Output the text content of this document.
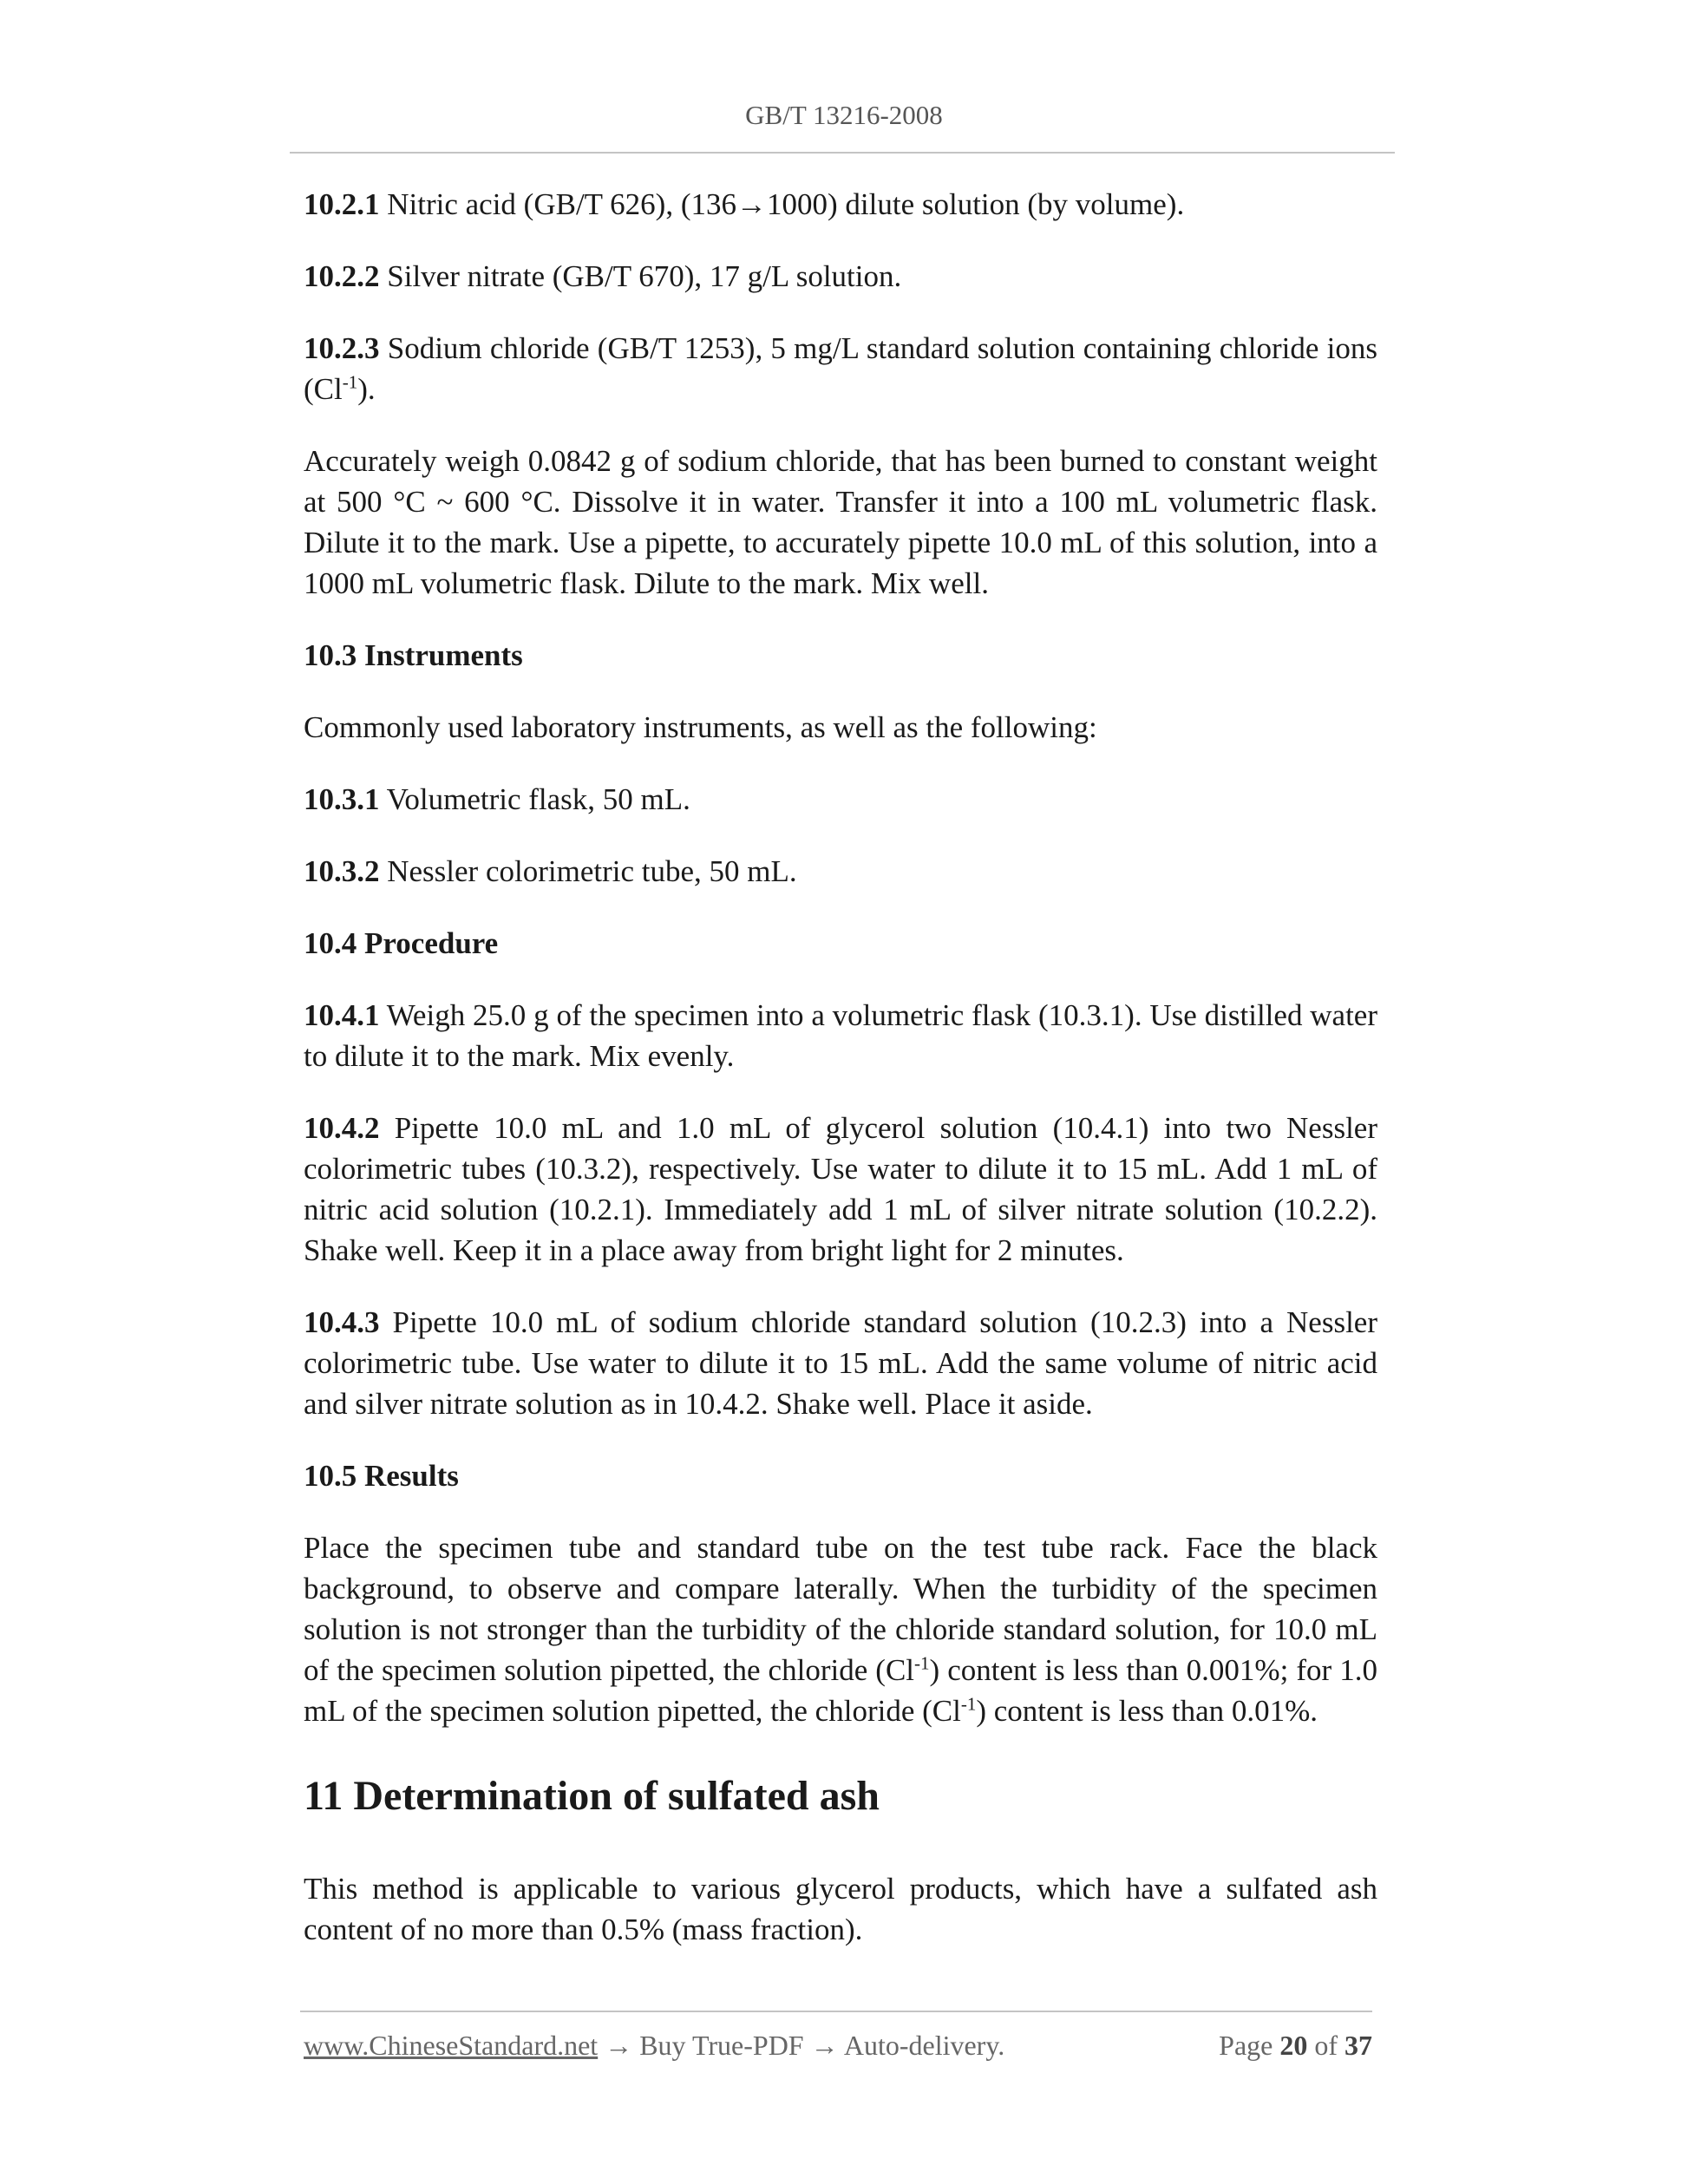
GB/T 13216-2008

10.2.1 Nitric acid (GB/T 626), (136→1000) dilute solution (by volume).

10.2.2 Silver nitrate (GB/T 670), 17 g/L solution.

10.2.3 Sodium chloride (GB/T 1253), 5 mg/L standard solution containing chloride ions $(Cl^{-1})$.

Accurately weigh 0.0842 g of sodium chloride, that has been burned to constant weight at 500 °C ~ 600 °C. Dissolve it in water. Transfer it into a 100 mL volumetric flask. Dilute it to the mark. Use a pipette, to accurately pipette 10.0 mL of this solution, into a 1000 mL volumetric flask. Dilute to the mark. Mix well.

10.3 Instruments

Commonly used laboratory instruments, as well as the following:

10.3.1 Volumetric flask, 50 mL.

10.3.2 Nessler colorimetric tube, 50 mL.

10.4 Procedure

10.4.1 Weigh 25.0 g of the specimen into a volumetric flask (10.3.1). Use distilled water to dilute it to the mark. Mix evenly.

10.4.2 Pipette 10.0 mL and 1.0 mL of glycerol solution (10.4.1) into two Nessler colorimetric tubes (10.3.2), respectively. Use water to dilute it to 15 mL. Add 1 mL of nitric acid solution (10.2.1). Immediately add 1 mL of silver nitrate solution (10.2.2). Shake well. Keep it in a place away from bright light for 2 minutes.

10.4.3 Pipette 10.0 mL of sodium chloride standard solution (10.2.3) into a Nessler colorimetric tube. Use water to dilute it to 15 mL. Add the same volume of nitric acid and silver nitrate solution as in 10.4.2. Shake well. Place it aside.

10.5 Results

Place the specimen tube and standard tube on the test tube rack. Face the black background, to observe and compare laterally. When the turbidity of the specimen solution is not stronger than the turbidity of the chloride standard solution, for 10.0 mL of the specimen solution pipetted, the chloride $(Cl^{-1})$ content is less than 0.001%; for 1.0 mL of the specimen solution pipetted, the chloride $(Cl^{-1})$ content is less than 0.01%.

11 Determination of sulfated ash

This method is applicable to various glycerol products, which have a sulfated ash content of no more than 0.5% (mass fraction).

www.ChineseStandard.net → Buy True-PDF → Auto-delivery.	Page 20 of 37
